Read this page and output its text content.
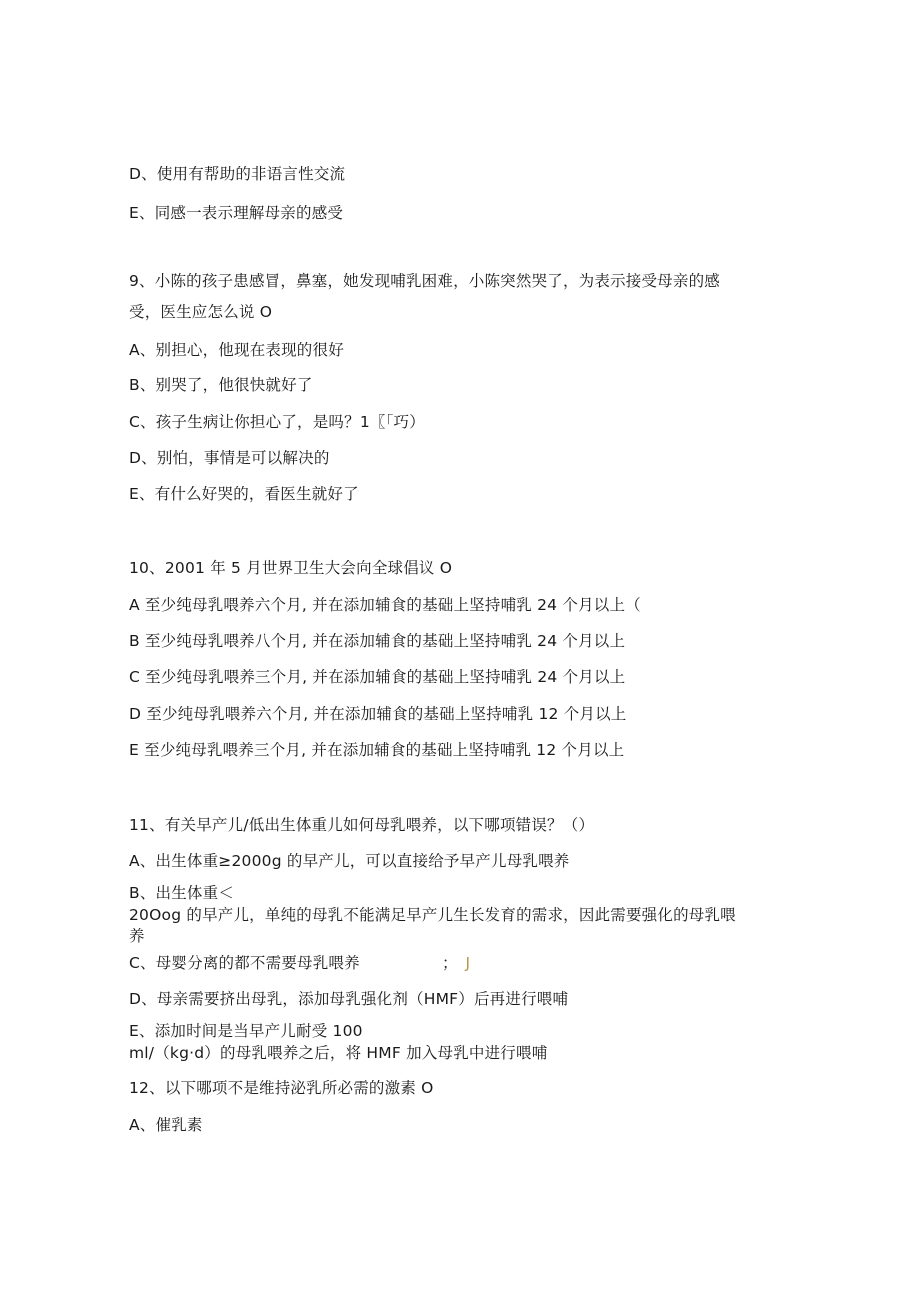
D、使用有帮助的非语言性交流
E、同感一表示理解母亲的感受
9、小陈的孩子患感冒，鼻塞，她发现哺乳困难，小陈突然哭了，为表示接受母亲的感
受，医生应怎么说 O
A、别担心，他现在表现的很好
B、别哭了，他很快就好了
C、孩子生病让你担心了，是吗？1〖「巧）
D、别怕，事情是可以解决的
E、有什么好哭的，看医生就好了
10、2001 年 5 月世界卫生大会向全球倡议 O
A 至少纯母乳喂养六个月, 并在添加辅食的基础上坚持哺乳 24 个月以上（
B 至少纯母乳喂养八个月, 并在添加辅食的基础上坚持哺乳 24 个月以上
C 至少纯母乳喂养三个月, 并在添加辅食的基础上坚持哺乳 24 个月以上
D 至少纯母乳喂养六个月, 并在添加辅食的基础上坚持哺乳 12 个月以上
E 至少纯母乳喂养三个月, 并在添加辅食的基础上坚持哺乳 12 个月以上
11、有关早产儿/低出生体重儿如何母乳喂养，以下哪项错误？（）
A、出生体重≥2000g 的早产儿，可以直接给予早产儿母乳喂养
B、出生体重＜
20Oog 的早产儿，单纯的母乳不能满足早产儿生长发育的需求，因此需要强化的母乳喂
养
C、母婴分离的都不需要母乳喂养	； J
D、母亲需要挤出母乳，添加母乳强化剂（HMF）后再进行喂哺
E、添加时间是当早产儿耐受 100
ml/（kg·d）的母乳喂养之后，将 HMF 加入母乳中进行喂哺
12、以下哪项不是维持泌乳所必需的激素 O
A、催乳素
